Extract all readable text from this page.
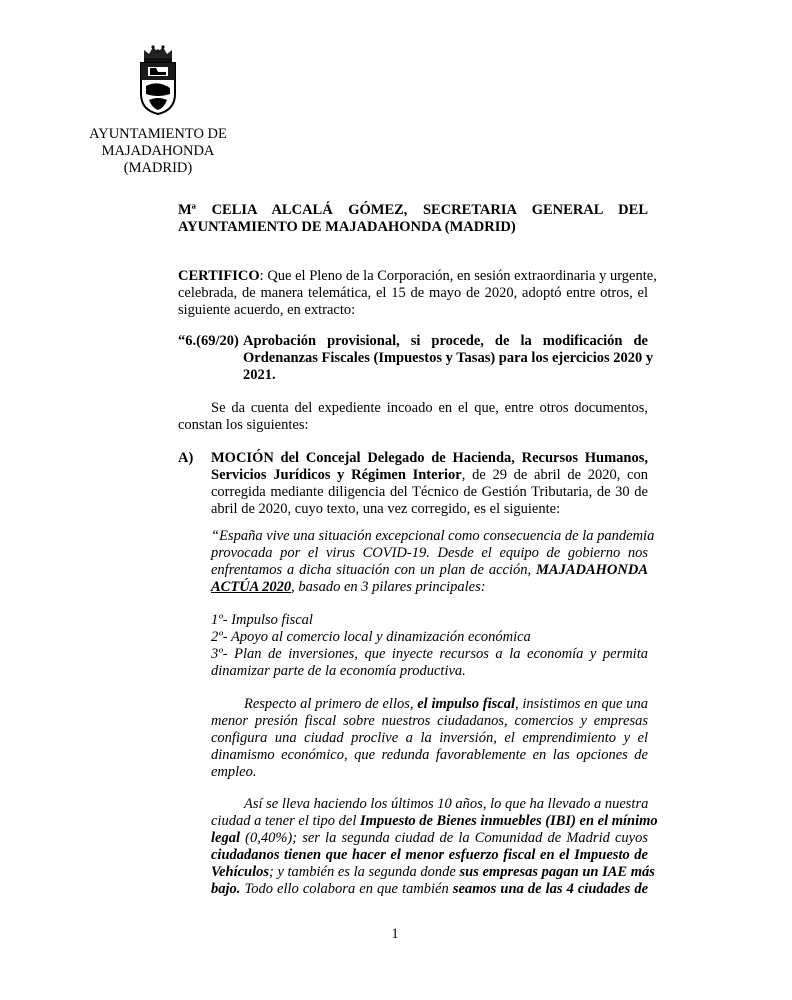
AYUNTAMIENTO DE
MAJADAHONDA
(MADRID)
Mª CELIA ALCALÁ GÓMEZ, SECRETARIA GENERAL DEL
AYUNTAMIENTO DE MAJADAHONDA (MADRID)
CERTIFICO: Que el Pleno de la Corporación, en sesión extraordinaria y urgente,
celebrada, de manera telemática, el 15 de mayo de 2020, adoptó entre otros, el
siguiente acuerdo, en extracto:
“6.(69/20) Aprobación provisional, si procede, de la modificación de
Ordenanzas Fiscales (Impuestos y Tasas) para los ejercicios 2020 y
2021.
Se da cuenta del expediente incoado en el que, entre otros documentos,
constan los siguientes:
A) MOCIÓN del Concejal Delegado de Hacienda, Recursos Humanos,
Servicios Jurídicos y Régimen Interior, de 29 de abril de 2020, con
corregida mediante diligencia del Técnico de Gestión Tributaria, de 30 de
abril de 2020, cuyo texto, una vez corregido, es el siguiente:
“España vive una situación excepcional como consecuencia de la pandemia
provocada por el virus COVID-19. Desde el equipo de gobierno nos
enfrentamos a dicha situación con un plan de acción, MAJADAHONDA
ACTÚA 2020, basado en 3 pilares principales:
1º- Impulso fiscal
2º- Apoyo al comercio local y dinamización económica
3º- Plan de inversiones, que inyecte recursos a la economía y permita
dinamizar parte de la economía productiva.
Respecto al primero de ellos, el impulso fiscal, insistimos en que una
menor presión fiscal sobre nuestros ciudadanos, comercios y empresas
configura una ciudad proclive a la inversión, el emprendimiento y el
dinamismo económico, que redunda favorablemente en las opciones de
empleo.
Así se lleva haciendo los últimos 10 años, lo que ha llevado a nuestra
ciudad a tener el tipo del Impuesto de Bienes inmuebles (IBI) en el mínimo
legal (0,40%); ser la segunda ciudad de la Comunidad de Madrid cuyos
ciudadanos tienen que hacer el menor esfuerzo fiscal en el Impuesto de
Vehículos; y también es la segunda donde sus empresas pagan un IAE más
bajo. Todo ello colabora en que también seamos una de las 4 ciudades de
1
